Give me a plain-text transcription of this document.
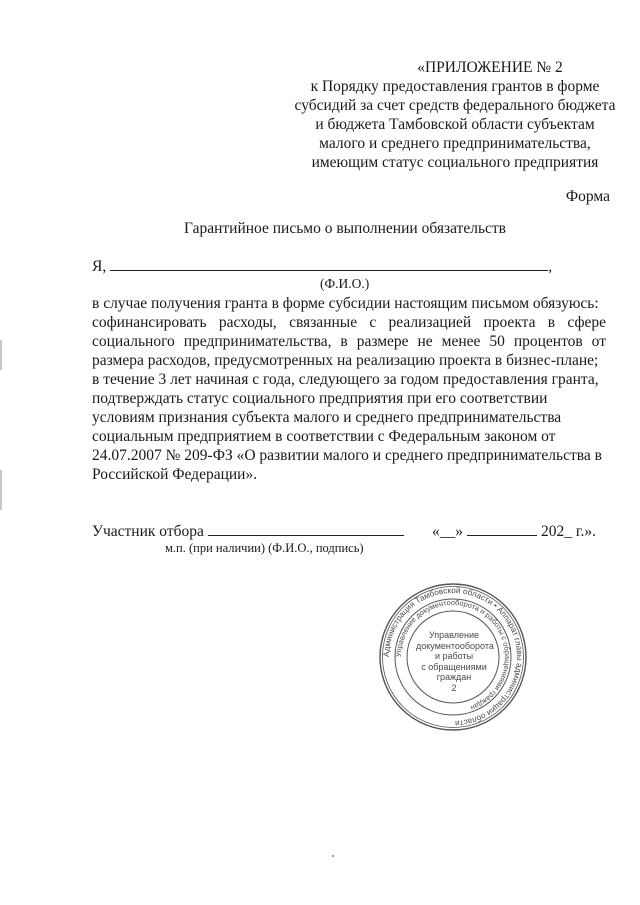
«ПРИЛОЖЕНИЕ № 2
к Порядку предоставления грантов в форме
субсидий за счет средств федерального бюджета
и бюджета Тамбовской области субъектам
малого и среднего предпринимательства,
имеющим статус социального предприятия
Форма
Гарантийное письмо о выполнении обязательств
Я,	,
(Ф.И.О.)

в случае получения гранта в форме субсидии настоящим письмом обязуюсь:

софинансировать расходы, связанные с реализацией проекта в сфере социального предпринимательства, в размере не менее 50 процентов от размера расходов, предусмотренных на реализацию проекта в бизнес-плане;

в течение 3 лет начиная с года, следующего за годом предоставления гранта, подтверждать статус социального предприятия при его соответствии условиям признания субъекта малого и среднего предпринимательства социальным предприятием в соответствии с Федеральным законом от 24.07.2007 № 209-ФЗ «О развитии малого и среднего предпринимательства в Российской Федерации».

Участник отбора	«__»	202_ г.».
м.п. (при наличии) (Ф.И.О., подпись)
Администрация Тамбовской области • Аппарат главы администрации области
Управление документооборота и работы с обращениями граждан
Управление
документооборота
и работы
с обращениями
граждан
2
